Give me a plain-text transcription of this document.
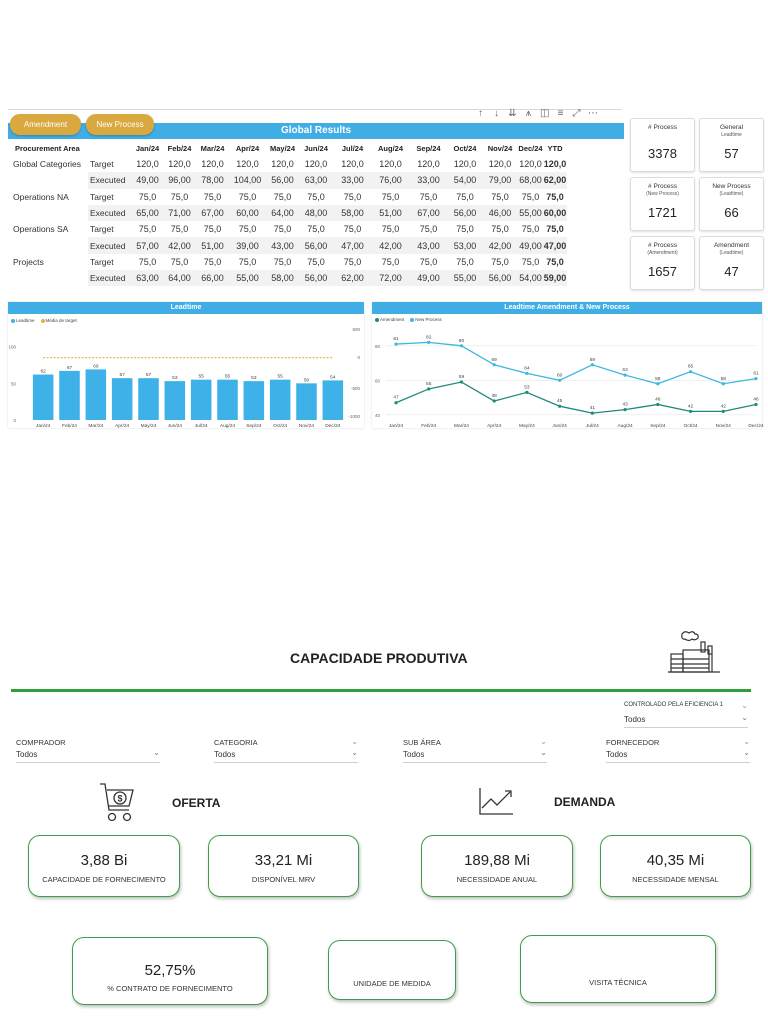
↑ ↓ ⇊ ⩚ ◫ ≡ ⤢ ⋯
Global Results
Amendment	New Process
Procurement Area		Jan/24	Feb/24	Mar/24	Apr/24	May/24	Jun/24	Jul/24	Aug/24	Sep/24	Oct/24	Nov/24	Dec/24	YTD
Global Categories	Target	120,0	120,0	120,0	120,0	120,0	120,0	120,0	120,0	120,0	120,0	120,0	120,0	120,0
	Executed	49,00	96,00	78,00	104,00	56,00	63,00	33,00	76,00	33,00	54,00	79,00	68,00	62,00
Operations NA	Target	75,0	75,0	75,0	75,0	75,0	75,0	75,0	75,0	75,0	75,0	75,0	75,0	75,0
	Executed	65,00	71,00	67,00	60,00	64,00	48,00	58,00	51,00	67,00	56,00	46,00	55,00	60,00
Operations SA	Target	75,0	75,0	75,0	75,0	75,0	75,0	75,0	75,0	75,0	75,0	75,0	75,0	75,0
	Executed	57,00	42,00	51,00	39,00	43,00	56,00	47,00	42,00	43,00	53,00	42,00	49,00	47,00
Projects	Target	75,0	75,0	75,0	75,0	75,0	75,0	75,0	75,0	75,0	75,0	75,0	75,0	75,0
	Executed	63,00	64,00	66,00	55,00	58,00	56,00	62,00	72,00	49,00	55,00	56,00	54,00	59,00
# Process
3378
General
Leadtime
57
# Process
(New Process)
1721
New Process
(Leadtime)
66
# Process
(Amendment)
1657
Amendment
(Leadtime)
47
Leadtime
Leadtime	Média de target
100
50
0
500
0
-500
-1000
62
Jan/24
67
Feb/24
69
Mar/24
57
Apr/24
57
May/24
53
Jun/24
55
Jul/24
55
Aug/24
53
Sep/24
55
Oct/24
50
Nov/24
54
Dec/24
Leadtime Amendment & New Process
Amendment	New Process
80
60
40
Jan/24	Feb/24	Mar/24	Apr/24	May/24	Jun/24	Jul/24	Aug/24	Sep/24	Oct/24	Nov/24	Dec/24
47
55
59
48
53
45
41
43
46
42	42
46
81	82
80
69
64
60
69
63
58
65
58
61
CAPACIDADE PRODUTIVA
CONTROLADO PELA EFICIENCIA 1	⌄
Todos	⌄
COMPRADOR
Todos	⌄
CATEGORIA	⌄
Todos	⌄
SUB ÁREA	⌄
Todos	⌄
FORNECEDOR	⌄
Todos	⌄
$	OFERTA	DEMANDA
3,88 Bi
CAPACIDADE DE FORNECIMENTO
33,21 Mi
DISPONÍVEL MRV
189,88 Mi
NECESSIDADE ANUAL
40,35 Mi
NECESSIDADE MENSAL
52,75%
% CONTRATO DE FORNECIMENTO
UNIDADE DE MEDIDA	VISITA TÉCNICA
